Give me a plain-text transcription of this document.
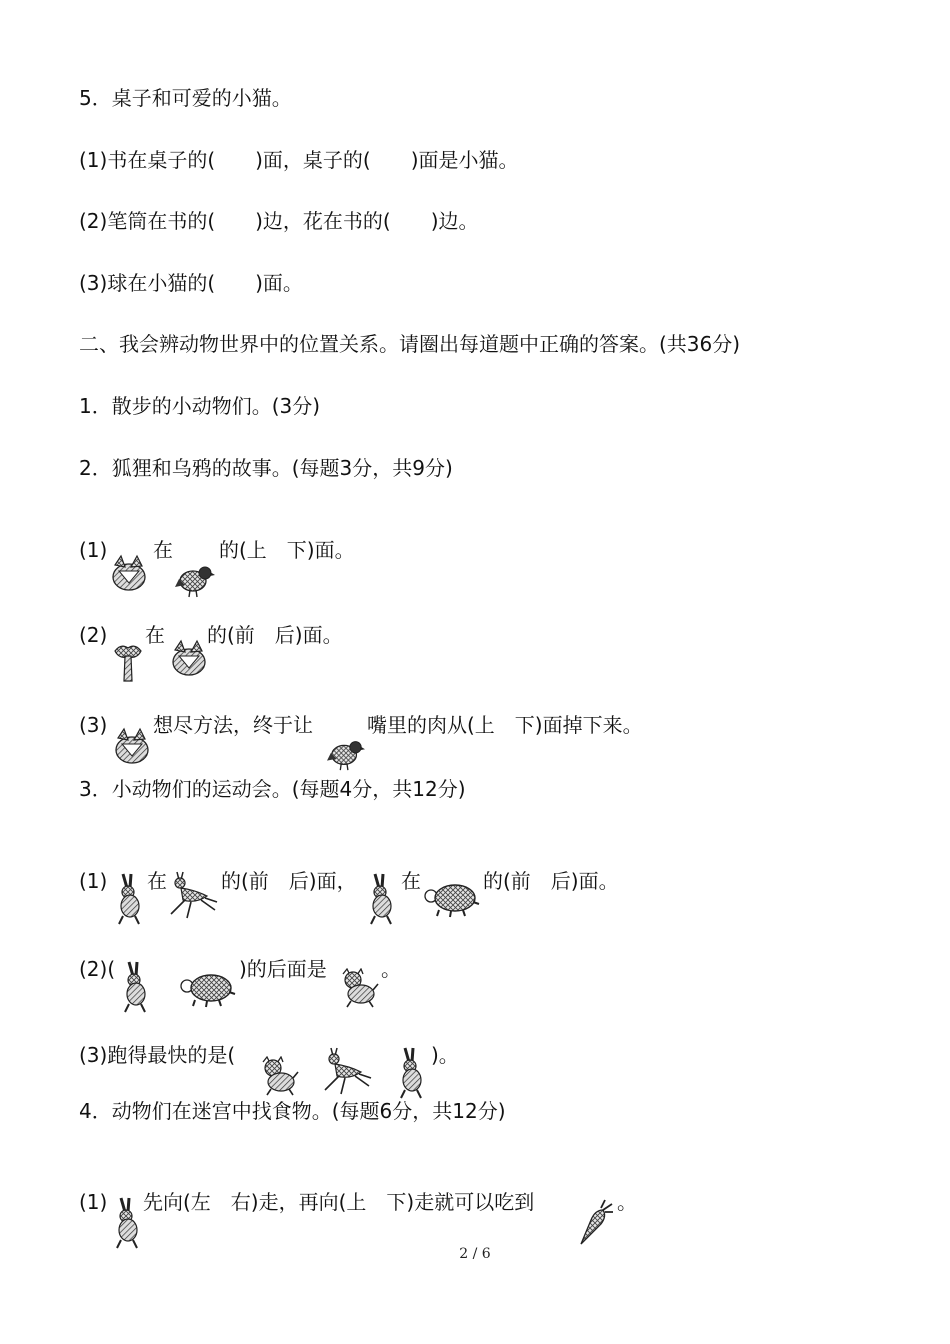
5．桌子和可爱的小猫。
(1)书在桌子的(　　)面，桌子的(　　)面是小猫。
(2)笔筒在书的(　　)边，花在书的(　　)边。
(3)球在小猫的(　　)面。
二、我会辨动物世界中的位置关系。请圈出每道题中正确的答案。(共36分)
1．散步的小动物们。(3分)
2．狐狸和乌鸦的故事。(每题3分，共9分)
(1)

在

的(上　下)面。
(2)

在

的(前　后)面。
(3)

想尽方法，终于让

	嘴里的肉从(上　下)面掉下来。
3．小动物们的运动会。(每题4分，共12分)
(1)

在

	的(前　后)面，

在

	的(前　后)面。
(2)(

	)的后面是

	。
(3)跑得最快的是(

	)。
4．动物们在迷宫中找食物。(每题6分，共12分)
(1)

先向(左　右)走，再向(上　下)走就可以吃到

	。
2 / 6
